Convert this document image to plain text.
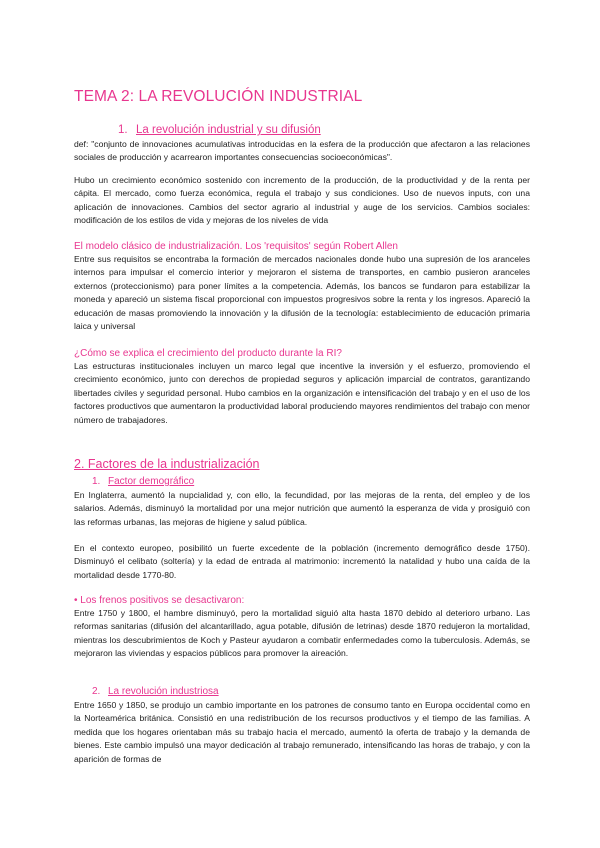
TEMA 2: LA REVOLUCIÓN INDUSTRIAL
1. La revolución industrial y su difusión
def: "conjunto de innovaciones acumulativas introducidas en la esfera de la producción que afectaron a las relaciones sociales de producción y acarrearon importantes consecuencias socioeconómicas".
Hubo un crecimiento económico sostenido con incremento de la producción, de la productividad y de la renta per cápita. El mercado, como fuerza económica, regula el trabajo y sus condiciones. Uso de nuevos inputs, con una aplicación de innovaciones. Cambios del sector agrario al industrial y auge de los servicios. Cambios sociales: modificación de los estilos de vida y mejoras de los niveles de vida
El modelo clásico de industrialización. Los 'requisitos' según Robert Allen
Entre sus requisitos se encontraba la formación de mercados nacionales donde hubo una supresión de los aranceles internos para impulsar el comercio interior y mejoraron el sistema de transportes, en cambio pusieron aranceles externos (proteccionismo) para poner límites a la competencia. Además, los bancos se fundaron para estabilizar la moneda y apareció un sistema fiscal proporcional con impuestos progresivos sobre la renta y los ingresos. Apareció la educación de masas promoviendo la innovación y la difusión de la tecnología: establecimiento de educación primaria laica y universal
¿Cómo se explica el crecimiento del producto durante la RI?
Las estructuras institucionales incluyen un marco legal que incentive la inversión y el esfuerzo, promoviendo el crecimiento económico, junto con derechos de propiedad seguros y aplicación imparcial de contratos, garantizando libertades civiles y seguridad personal. Hubo cambios en la organización e intensificación del trabajo y en el uso de los factores productivos que aumentaron la productividad laboral produciendo mayores rendimientos del trabajo con menor número de trabajadores.
2. Factores de la industrialización
1. Factor demográfico
En Inglaterra, aumentó la nupcialidad y, con ello, la fecundidad, por las mejoras de la renta, del empleo y de los salarios. Además, disminuyó la mortalidad por una mejor nutrición que aumentó la esperanza de vida y prosiguió con las reformas urbanas, las mejoras de higiene y salud pública.
En el contexto europeo, posibilitó un fuerte excedente de la población (incremento demográfico desde 1750). Disminuyó el celibato (soltería) y la edad de entrada al matrimonio: incrementó la natalidad y hubo una caída de la mortalidad desde 1770-80.
• Los frenos positivos se desactivaron:
Entre 1750 y 1800, el hambre disminuyó, pero la mortalidad siguió alta hasta 1870 debido al deterioro urbano. Las reformas sanitarias (difusión del alcantarillado, agua potable, difusión de letrinas) desde 1870 redujeron la mortalidad, mientras los descubrimientos de Koch y Pasteur ayudaron a combatir enfermedades como la tuberculosis. Además, se mejoraron las viviendas y espacios públicos para promover la aireación.
2. La revolución industriosa
Entre 1650 y 1850, se produjo un cambio importante en los patrones de consumo tanto en Europa occidental como en la Norteamérica británica. Consistió en una redistribución de los recursos productivos y el tiempo de las familias. A medida que los hogares orientaban más su trabajo hacia el mercado, aumentó la oferta de trabajo y la demanda de bienes. Este cambio impulsó una mayor dedicación al trabajo remunerado, intensificando las horas de trabajo, y con la aparición de formas de
